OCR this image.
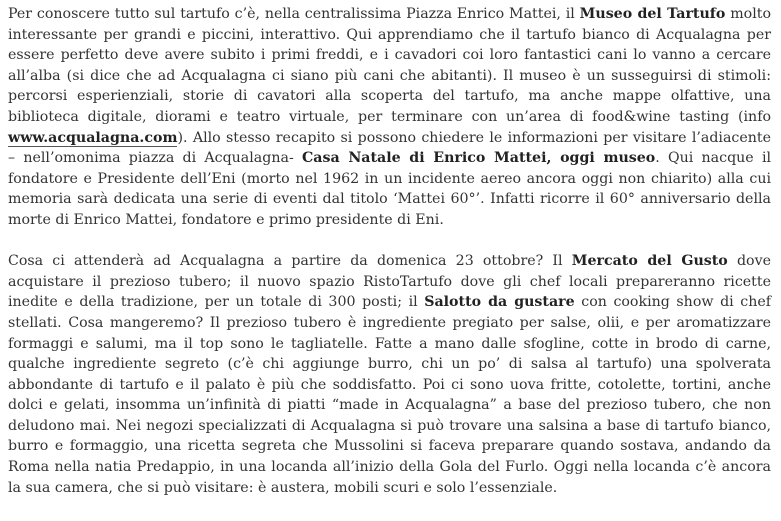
Per conoscere tutto sul tartufo c’è, nella centralissima Piazza Enrico Mattei, il Museo del Tartufo molto interessante per grandi e piccini, interattivo. Qui apprendiamo che il tartufo bianco di Acqualagna per essere perfetto deve avere subito i primi freddi, e i cavadori coi loro fantastici cani lo vanno a cercare all’alba (si dice che ad Acqualagna ci siano più cani che abitanti). Il museo è un susseguirsi di stimoli: percorsi esperienziali, storie di cavatori alla scoperta del tartufo, ma anche mappe olfattive, una biblioteca digitale, diorami e teatro virtuale, per terminare con un’area di food&wine tasting (info www.acqualagna.com). Allo stesso recapito si possono chiedere le informazioni per visitare l’adiacente – nell’omonima piazza di Acqualagna- Casa Natale di Enrico Mattei, oggi museo. Qui nacque il fondatore e Presidente dell’Eni (morto nel 1962 in un incidente aereo ancora oggi non chiarito) alla cui memoria sarà dedicata una serie di eventi dal titolo ‘Mattei 60°’. Infatti ricorre il 60° anniversario della morte di Enrico Mattei, fondatore e primo presidente di Eni.

Cosa ci attenderà ad Acqualagna a partire da domenica 23 ottobre? Il Mercato del Gusto dove acquistare il prezioso tubero; il nuovo spazio RistoTartufo dove gli chef locali prepareranno ricette inedite e della tradizione, per un totale di 300 posti; il Salotto da gustare con cooking show di chef stellati. Cosa mangeremo? Il prezioso tubero è ingrediente pregiato per salse, olii, e per aromatizzare formaggi e salumi, ma il top sono le tagliatelle. Fatte a mano dalle sfogline, cotte in brodo di carne, qualche ingrediente segreto (c’è chi aggiunge burro, chi un po’ di salsa al tartufo) una spolverata abbondante di tartufo e il palato è più che soddisfatto. Poi ci sono uova fritte, cotolette, tortini, anche dolci e gelati, insomma un’infinità di piatti “made in Acqualagna” a base del prezioso tubero, che non deludono mai. Nei negozi specializzati di Acqualagna si può trovare una salsina a base di tartufo bianco, burro e formaggio, una ricetta segreta che Mussolini si faceva preparare quando sostava, andando da Roma nella natia Predappio, in una locanda all’inizio della Gola del Furlo. Oggi nella locanda c’è ancora la sua camera, che si può visitare: è austera, mobili scuri e solo l’essenziale.
